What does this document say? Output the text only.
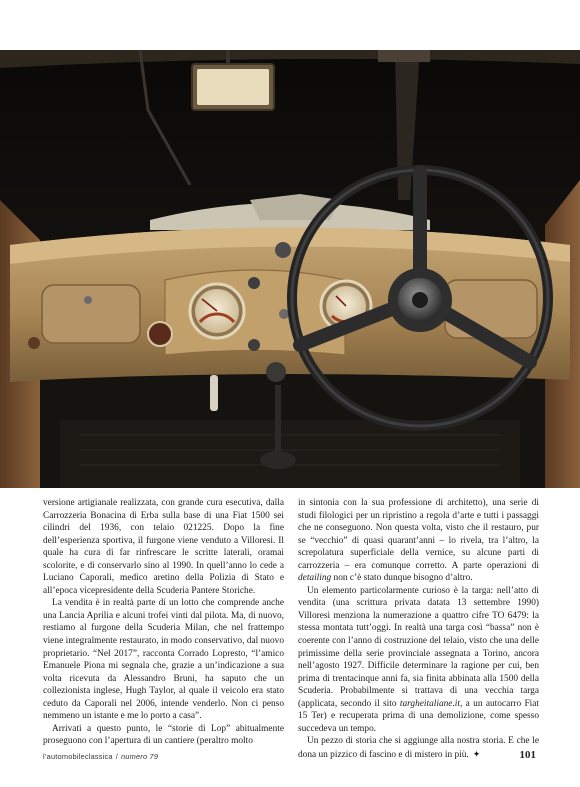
versione artigianale realizzata, con grande cura esecutiva, dalla Carrozzeria Bonacina di Erba sulla base di una Fiat 1500 sei cilindri del 1936, con telaio 021225. Dopo la fine dell’esperienza sportiva, il furgone viene venduto a Villoresi. Il quale ha cura di far rinfrescare le scritte laterali, oramai scolorite, e di conservarlo sino al 1990. In quell’anno lo cede a Luciano Caporali, medico aretino della Polizia di Stato e all’epoca vicepresidente della Scuderia Pantere Storiche.

La vendita è in realtà parte di un lotto che comprende anche una Lancia Aprilia e alcuni trofei vinti dal pilota. Ma, di nuovo, restiamo al furgone della Scuderia Milan, che nel frattempo viene integralmente restaurato, in modo conservativo, dal nuovo proprietario. “Nel 2017”, racconta Corrado Lopresto, “l’amico Emanuele Piona mi segnala che, grazie a un’indicazione a sua volta ricevuta da Alessandro Bruni, ha saputo che un collezionista inglese, Hugh Taylor, al quale il veicolo era stato ceduto da Caporali nel 2006, intende venderlo. Non ci penso nemmeno un istante e me lo porto a casa”.

Arrivati a questo punto, le “storie di Lop” abitualmente proseguono con l’apertura di un cantiere (peraltro molto

in sintonia con la sua professione di architetto), una serie di studi filologici per un ripristino a regola d’arte e tutti i passaggi che ne conseguono. Non questa volta, visto che il restauro, pur se “vecchio” di quasi quarant’anni – lo rivela, tra l’altro, la screpolatura superficiale della vernice, su alcune parti di carrozzeria – era comunque corretto. A parte operazioni di detailing non c’è stato dunque bisogno d’altro.

Un elemento particolarmente curioso è la targa: nell’atto di vendita (una scrittura privata datata 13 settembre 1990) Villoresi menziona la numerazione a quattro cifre TO 6479: la stessa montata tutt’oggi. In realtà una targa così “bassa” non è coerente con l’anno di costruzione del telaio, visto che una delle primissime della serie provinciale assegnata a Torino, ancora nell’agosto 1927. Difficile determinare la ragione per cui, ben prima di trentacinque anni fa, sia finita abbinata alla 1500 della Scuderia. Probabilmente si trattava di una vecchia targa (applicata, secondo il sito targheitaliane.it, a un autocarro Fiat 15 Ter) e recuperata prima di una demolizione, come spesso succedeva un tempo.

Un pezzo di storia che si aggiunge alla nostra storia. E che le dona un pizzico di fascino e di mistero in più. ✦

l’automobileclassica / numero 79	101
